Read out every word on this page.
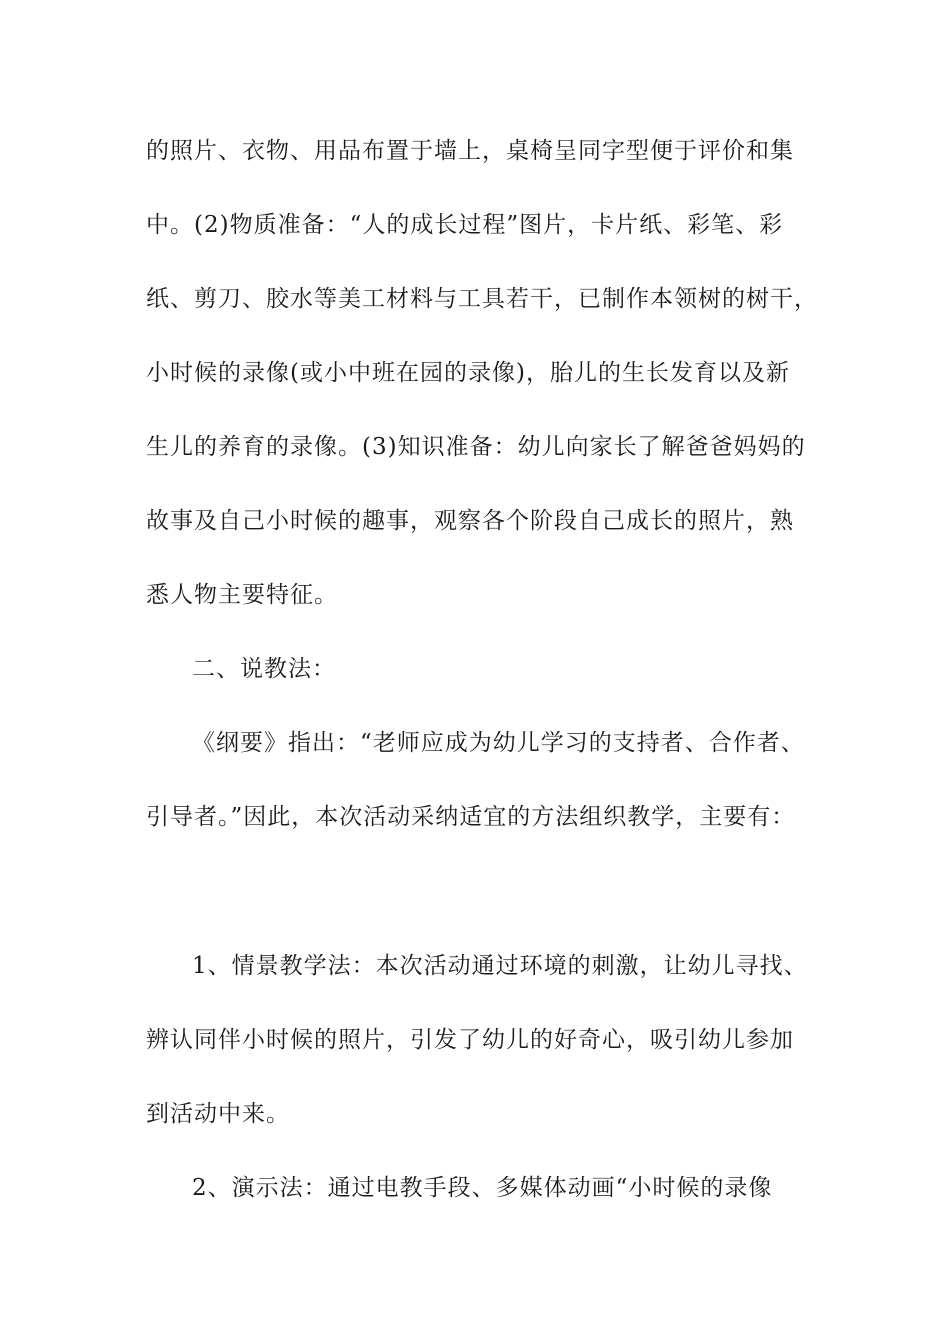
的照片、衣物、用品布置于墙上，桌椅呈同字型便于评价和集
中。(2)物质准备：“人的成长过程”图片，卡片纸、彩笔、彩
纸、剪刀、胶水等美工材料与工具若干，已制作本领树的树干，
小时候的录像(或小中班在园的录像)，胎儿的生长发育以及新
生儿的养育的录像。(3)知识准备：幼儿向家长了解爸爸妈妈的
故事及自己小时候的趣事，观察各个阶段自己成长的照片，熟
悉人物主要特征。
二、说教法：
《纲要》指出：“老师应成为幼儿学习的支持者、合作者、
引导者。”因此，本次活动采纳适宜的方法组织教学，主要有：
1、情景教学法：本次活动通过环境的刺激，让幼儿寻找、
辨认同伴小时候的照片，引发了幼儿的好奇心，吸引幼儿参加
到活动中来。
2、演示法：通过电教手段、多媒体动画“小时候的录像
